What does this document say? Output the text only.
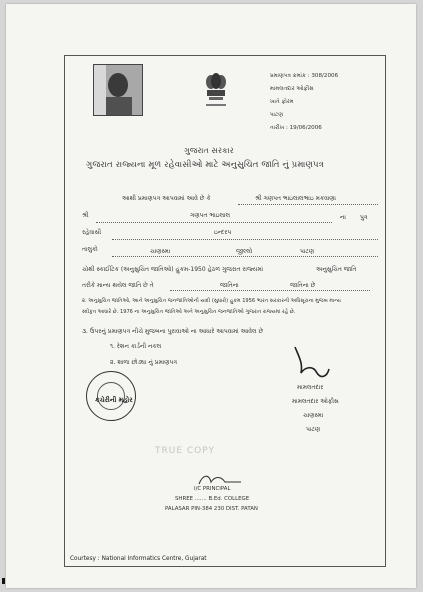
પ્રમાણપત્ર ક્રમાંક : 308/2006
મામલતદાર ઓફીસ
ખાતે ફોરમ
પાટણ
તારીખ : 19/06/2006
ગુજરાત સરકાર
ગુજરાત રાજ્યના મૂળ રહેવાસીઓ માટે અનુસુચિત જાતિ નું પ્રમાણપત્ર
આથી પ્રમાણપત્ર આપવામાં આવે છે કે	શ્રી ગણપત ભાઇલાલભાઇ મકવાણા
શ્રી	ગણપત ભાઇલાલ	ના પુત્ર
રહેવાસી	ઇન્દરપ
તાલુકો	ચાણસ્મા	જીલ્લો	પાટણ
ચોથી સ્કાઈટિક (અનુસુચિત જાતિઓ) હુકમ-1950 હેઠળ ગુજરાત રાજ્યમાં	અનુસુચિત જાતિ
તરીકે માન્ય થયેલ જાતિ છે તે	જાતિના	જાતિના છે
૨. અનુસુચિત જાતિઓ, આને અનુસુચિત જનજાતિઓની યાદી (સુધારો) હુકમ 1956 ભારત સરકારની અધિસૂચના મુજબ માન્ય
સ્વીકૃત આધારે છે. 1976 ના અનુસુચિત જાતિઓ અને અનુસુચિત જનજાતિઓ ગુજરાત રાજ્યમાં રહે છે.
૩. ઉપરનું પ્રમાણપત્ર નીચે મુજબના પુરાવાઓ ના આધારે આપવામાં આવેલ છે
૧. રેશન કાર્ડની નકલ
૨. શાળા છોડ્યા નું પ્રમાણપત્ર
કચેરીની મહોર
મામલતદાર
મામલતદાર ઓફીસ
ચાણસ્મા
પાટણ
TRUE COPY
I/C PRINCIPAL
SHREE ....... B.Ed. COLLEGE
PALASAR PIN-384 230 DIST. PATAN
Courtesy : National Informatics Centre, Gujarat
